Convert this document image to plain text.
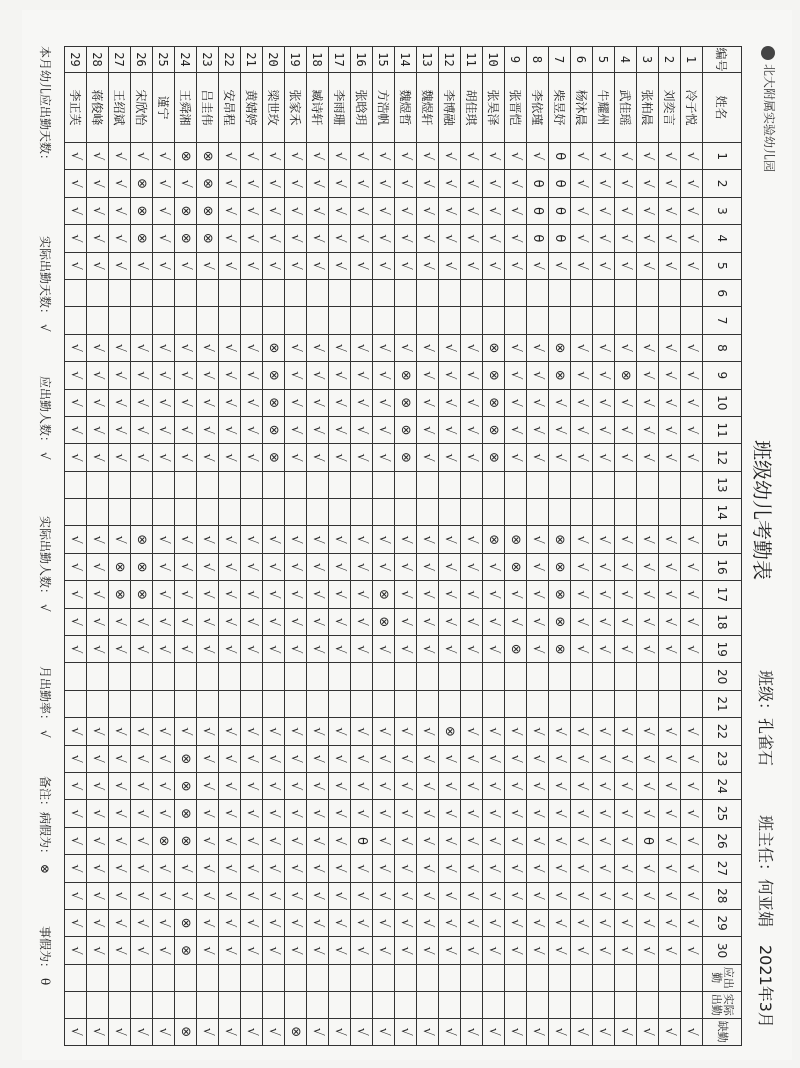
北大附属实验幼儿园
班级幼儿考勤表
班级：孔雀石
班主任：何亚娟
2021年3月
编号	姓名	1	2	3	4	5	6	7	8	9	10	11	12	13	14	15	16	17	18	19	20	21	22	23	24	25	26	27	28	29	30	应出勤	实际出勤	缺勤
1	冷子悦	√	√	√	√	√			√	√	√	√	√			√	√	√	√	√			√	√	√	√	√	√	√	√	√			√
2	刘奕言	√	√	√	√	√			√	√	√	√	√			√	√	√	√	√			√	√	√	√	√	√	√	√	√			√
3	张柏晨	√	√	√	√	√			√	√	√	√	√			√	√	√	√	√			√	√	√	√	θ	√	√	√	√			√
4	武佳瑶	√	√	√	√	√			√	⊗	√	√	√			√	√	√	√	√			√	√	√	√	√	√	√	√	√			√
5	牛耀州	√	√	√	√	√			√	√	√	√	√			√	√	√	√	√			√	√	√	√	√	√	√	√	√			√
6	杨沐晨	√	√	√	√	√			√	√	√	√	√			√	√	√	√	√			√	√	√	√	√	√	√	√	√			√
7	柴昱妤	θ	θ	θ	θ	√			⊗	⊗	√	√	√			⊗	⊗	⊗	⊗	⊗			√	√	√	√	√	√	√	√	√			√
8	李依瑾	√	θ	θ	θ	√			√	√	√	√	√			√	√	√	√	√			√	√	√	√	√	√	√	√	√			√
9	张晋恺	√	√	√	√	√			√	√	√	√	√			⊗	⊗	√	√	⊗			√	√	√	√	√	√	√	√	√			√
10	张昊泽	√	√	√	√	√			⊗	⊗	⊗	⊗	⊗			⊗	√	√	√	√			√	√	√	√	√	√	√	√	√			√
11	胡佳琪	√	√	√	√	√			√	√	√	√	√			√	√	√	√	√			√	√	√	√	√	√	√	√	√			√
12	李博融	√	√	√	√	√			√	√	√	√	√			√	√	√	√	√			⊗	√	√	√	√	√	√	√	√			√
13	魏煜轩	√	√	√	√	√			√	√	√	√	√			√	√	√	√	√			√	√	√	√	√	√	√	√	√			√
14	魏煜哲	√	√	√	√	√			√	⊗	⊗	⊗	⊗			√	√	√	√	√			√	√	√	√	√	√	√	√	√			√
15	方浩帆	√	√	√	√	√			√	√	√	√	√			√	√	⊗	⊗	√			√	√	√	√	√	√	√	√	√			√
16	张晗玥	√	√	√	√	√			√	√	√	√	√			√	√	√	√	√			√	√	√	√	θ	√	√	√	√			√
17	李雨珊	√	√	√	√	√			√	√	√	√	√			√	√	√	√	√			√	√	√	√	√	√	√	√	√			√
18	臧诗轩	√	√	√	√	√			√	√	√	√	√			√	√	√	√	√			√	√	√	√	√	√	√	√	√			√
19	张家禾	√	√	√	√	√			√	√	√	√	√			√	√	√	√	√			√	√	√	√	√	√	√	√	√			⊗
20	梁世玫	√	√	√	√	√			⊗	⊗	⊗	⊗	⊗			√	√	√	√	√			√	√	√	√	√	√	√	√	√			√
21	黄婧婷	√	√	√	√	√			√	√	√	√	√			√	√	√	√	√			√	√	√	√	√	√	√	√	√			√
22	安昂程	√	√	√	√	√			√	√	√	√	√			√	√	√	√	√			√	√	√	√	√	√	√	√	√			√
23	吕圭伟	⊗	⊗	⊗	⊗	√			√	√	√	√	√			√	√	√	√	√			√	√	√	√	√	√	√	√	√			√
24	王舜湘	⊗	√	⊗	⊗	√			√	√	√	√	√			√	√	√	√	√			√	⊗	⊗	⊗	⊗	√	√	⊗	⊗			⊗
25	谨宁	√	√	√	√	√			√	√	√	√	√			√	√	√	√	√			√	√	√	√	⊗	√	√	√	√			√
26	宋欣怡	√	⊗	⊗	⊗	√			√	√	√	√	√			⊗	⊗	⊗	√	√			√	√	√	√	√	√	√	√	√			√
27	王绍斌	√	√	√	√	√			√	√	√	√	√			√	⊗	⊗	√	√			√	√	√	√	√	√	√	√	√			√
28	蒋俊峰	√	√	√	√	√			√	√	√	√	√			√	√	√	√	√			√	√	√	√	√	√	√	√	√			√
29	李正芙	√	√	√	√	√			√	√	√	√	√			√	√	√	√	√			√	√	√	√	√	√	√	√	√			√
本月幼儿应出勤天数：
实际出勤天数：√
应出勤人数：√
实际出勤人数：√
月出勤率：√
备注：病假为：⊗
事假为：θ
